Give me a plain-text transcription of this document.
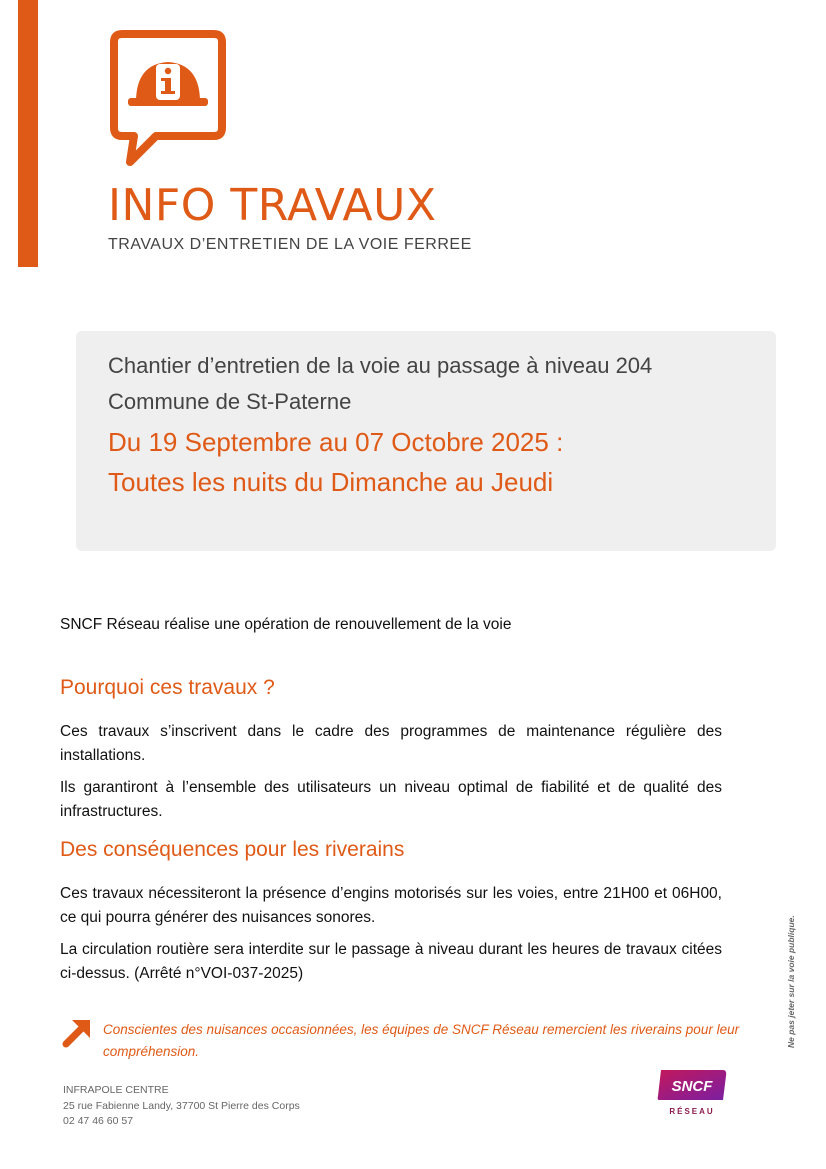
INFO TRAVAUX
TRAVAUX D’ENTRETIEN DE LA VOIE FERREE
Chantier d’entretien de la voie au passage à niveau 204
Commune de St-Paterne
Du 19 Septembre au 07 Octobre 2025 :
Toutes les nuits du Dimanche au Jeudi
SNCF Réseau réalise une opération de renouvellement de la voie
Pourquoi ces travaux ?

Ces travaux s’inscrivent dans le cadre des programmes de maintenance régulière des installations.

Ils garantiront à l’ensemble des utilisateurs un niveau optimal de fiabilité et de qualité des infrastructures.

Des conséquences pour les riverains

Ces travaux nécessiteront la présence d’engins motorisés sur les voies, entre 21H00 et 06H00, ce qui pourra générer des nuisances sonores.

La circulation routière sera interdite sur le passage à niveau durant les heures de travaux citées ci-dessus. (Arrêté n°VOI-037-2025)

Conscientes des nuisances occasionnées, les équipes de SNCF Réseau remercient les riverains pour leur compréhension.
INFRAPOLE CENTRE
25 rue Fabienne Landy, 37700 St Pierre des Corps
02 47 46 60 57
Ne pas jeter sur la voie publique.
SNCF
RÉSEAU
